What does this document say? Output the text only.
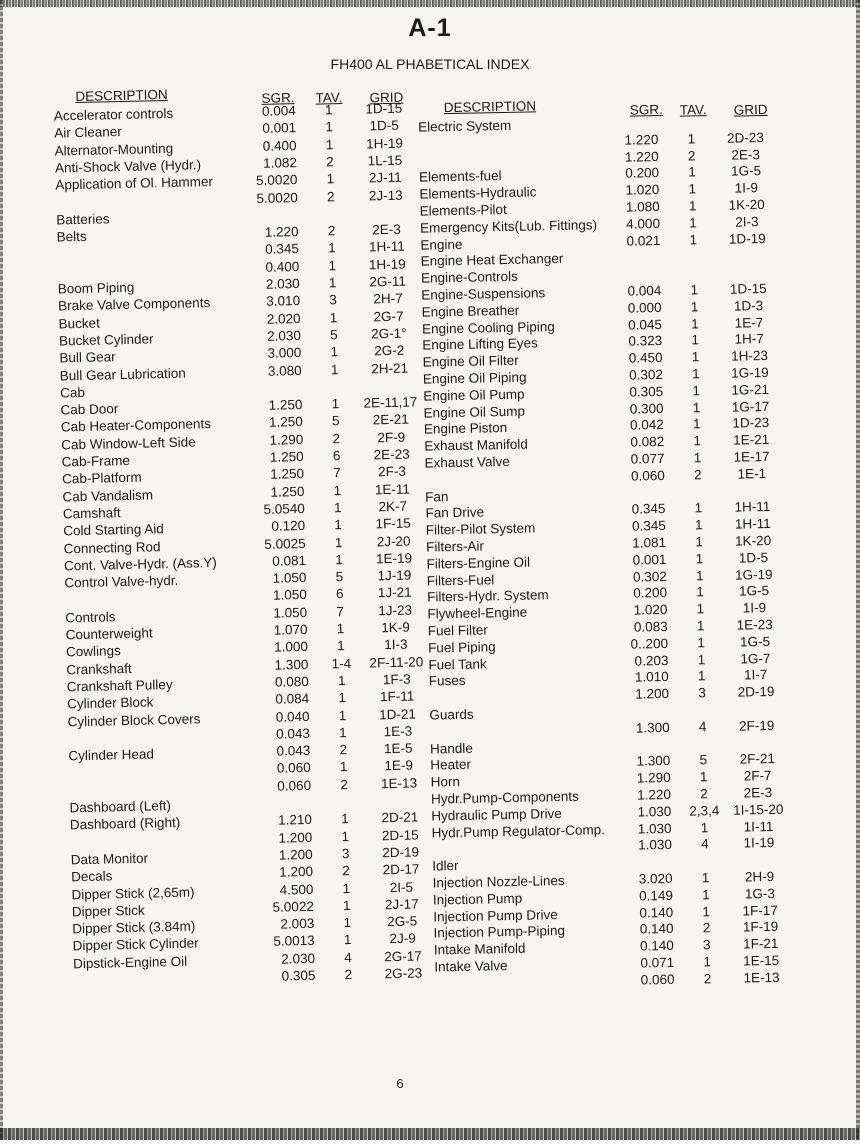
A-1
FH400 AL PHABETICAL INDEX
DESCRIPTION	SGR. TAV. GRID
Accelerator controls	0.004	1	1D-15
Air Cleaner	0.001	1	1D-5
Alternator-Mounting	0.400	1	1H-19
Anti-Shock Valve (Hydr.)	1.082	2	1L-15
Application of Ol. Hammer	5.0020	1	2J-11
5.0020	2	2J-13
Batteries
Belts	1.220	2	2E-3
0.345	1	1H-11
0.400	1	1H-19
Boom Piping	2.030	1	2G-11
Brake Valve Components	3.010	3	2H-7
Bucket	2.020	1	2G-7
Bucket Cylinder	2.030	5	2G-1°
Bull Gear	3.000	1	2G-2
Bull Gear Lubrication	3.080	1	2H-21
Cab
Cab Door	1.250	1	2E-11,17
Cab Heater-Components	1.250	5	2E-21
Cab Window-Left Side	1.290	2	2F-9
Cab-Frame	1.250	6	2E-23
Cab-Platform	1.250	7	2F-3
Cab Vandalism	1.250	1	1E-11
Camshaft	5.0540	1	2K-7
Cold Starting Aid	0.120	1	1F-15
Connecting Rod	5.0025	1	2J-20
Cont. Valve-Hydr. (Ass.Y)	0.081	1	1E-19
Control Valve-hydr.	1.050	5	1J-19
1.050	6	1J-21
Controls	1.050	7	1J-23
Counterweight	1.070	1	1K-9
Cowlings	1.000	1	1I-3
Crankshaft	1.300	1-4	2F-11-20
Crankshaft Pulley	0.080	1	1F-3
Cylinder Block	0.084	1	1F-11
Cylinder Block Covers	0.040	1	1D-21
0.043	1	1E-3
Cylinder Head	0.043	2	1E-5
0.060	1	1E-9
0.060	2	1E-13
Dashboard (Left)
Dashboard (Right)	1.210	1	2D-21
1.200	1	2D-15
Data Monitor	1.200	3	2D-19
Decals	1.200	2	2D-17
Dipper Stick (2,65m)	4.500	1	2I-5
Dipper Stick	5.0022	1	2J-17
Dipper Stick (3.84m)	2.003	1	2G-5
Dipper Stick Cylinder	5.0013	1	2J-9
Dipstick-Engine Oil	2.030	4	2G-17
0.305	2	2G-23
DESCRIPTION	SGR. TAV. GRID
Electric System
1.220	1	2D-23
1.220	2	2E-3
Elements-fuel	0.200	1	1G-5
Elements-Hydraulic	1.020	1	1I-9
Elements-Pilot	1.080	1	1K-20
Emergency Kits(Lub. Fittings)	4.000	1	2I-3
Engine	0.021	1	1D-19
Engine Heat Exchanger
Engine-Controls
Engine-Suspensions	0.004	1	1D-15
Engine Breather	0.000	1	1D-3
Engine Cooling Piping	0.045	1	1E-7
Engine Lifting Eyes	0.323	1	1H-7
Engine Oil Filter	0.450	1	1H-23
Engine Oil Piping	0.302	1	1G-19
Engine Oil Pump	0.305	1	1G-21
Engine Oil Sump	0.300	1	1G-17
Engine Piston	0.042	1	1D-23
Exhaust Manifold	0.082	1	1E-21
Exhaust Valve	0.077	1	1E-17
0.060	2	1E-1
Fan
Fan Drive	0.345	1	1H-11
Filter-Pilot System	0.345	1	1H-11
Filters-Air	1.081	1	1K-20
Filters-Engine Oil	0.001	1	1D-5
Filters-Fuel	0.302	1	1G-19
Filters-Hydr. System	0.200	1	1G-5
Flywheel-Engine	1.020	1	1I-9
Fuel Filter	0.083	1	1E-23
Fuel Piping	0..200	1	1G-5
Fuel Tank	0.203	1	1G-7
Fuses	1.010	1	1I-7
1.200	3	2D-19
Guards
1.300	4	2F-19
Handle
Heater	1.300	5	2F-21
Horn	1.290	1	2F-7
Hydr.Pump-Components	1.220	2	2E-3
Hydraulic Pump Drive	1.030 2,3,4	1I-15-20
Hydr.Pump Regulator-Comp.	1.030	1	1I-11
1.030	4	1I-19
Idler
Injection Nozzle-Lines	3.020	1	2H-9
Injection Pump	0.149	1	1G-3
Injection Pump Drive	0.140	1	1F-17
Injection Pump-Piping	0.140	2	1F-19
Intake Manifold	0.140	3	1F-21
Intake Valve	0.071	1	1E-15
0.060	2	1E-13
6
